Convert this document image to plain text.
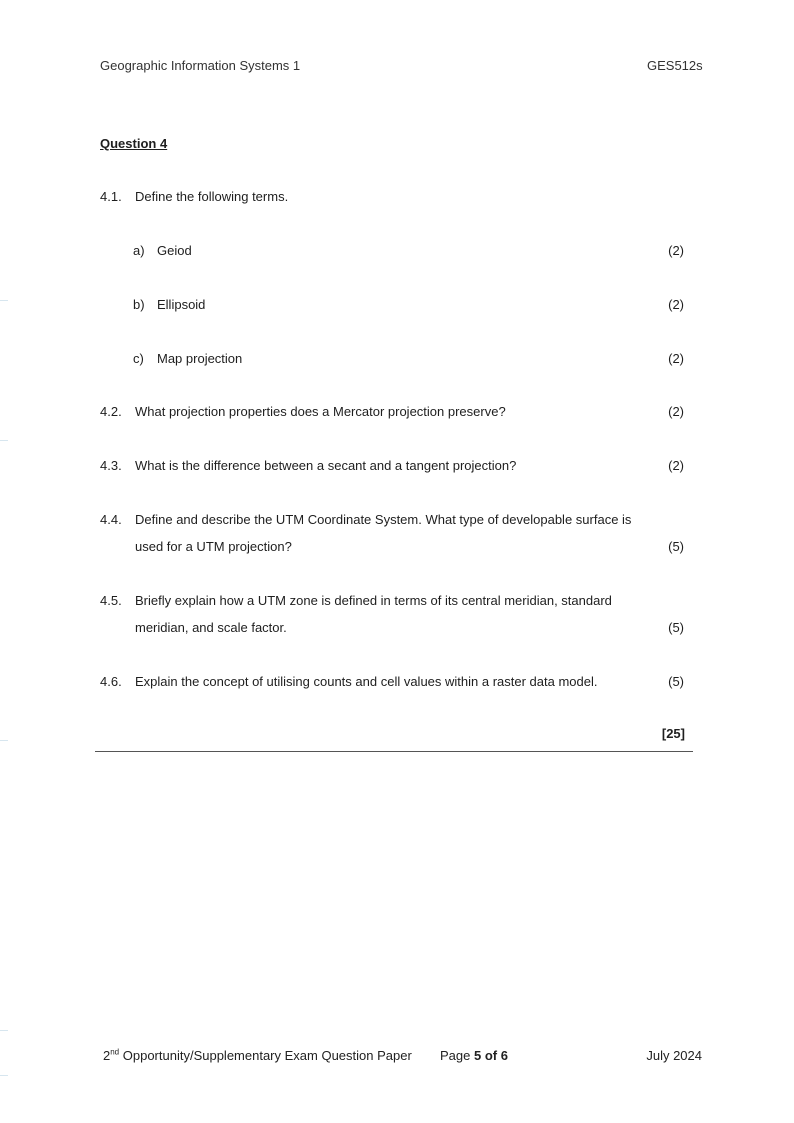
Geographic Information Systems 1	GES512s
Question 4
4.1. Define the following terms.
a) Geiod	(2)
b) Ellipsoid	(2)
c) Map projection	(2)
4.2. What projection properties does a Mercator projection preserve?	(2)
4.3. What is the difference between a secant and a tangent projection?	(2)
4.4. Define and describe the UTM Coordinate System. What type of developable surface is
used for a UTM projection?	(5)
4.5. Briefly explain how a UTM zone is defined in terms of its central meridian, standard
meridian, and scale factor.	(5)
4.6. Explain the concept of utilising counts and cell values within a raster data model.	(5)
[25]
2nd Opportunity/Supplementary Exam Question Paper Page 5 of 6	July 2024
